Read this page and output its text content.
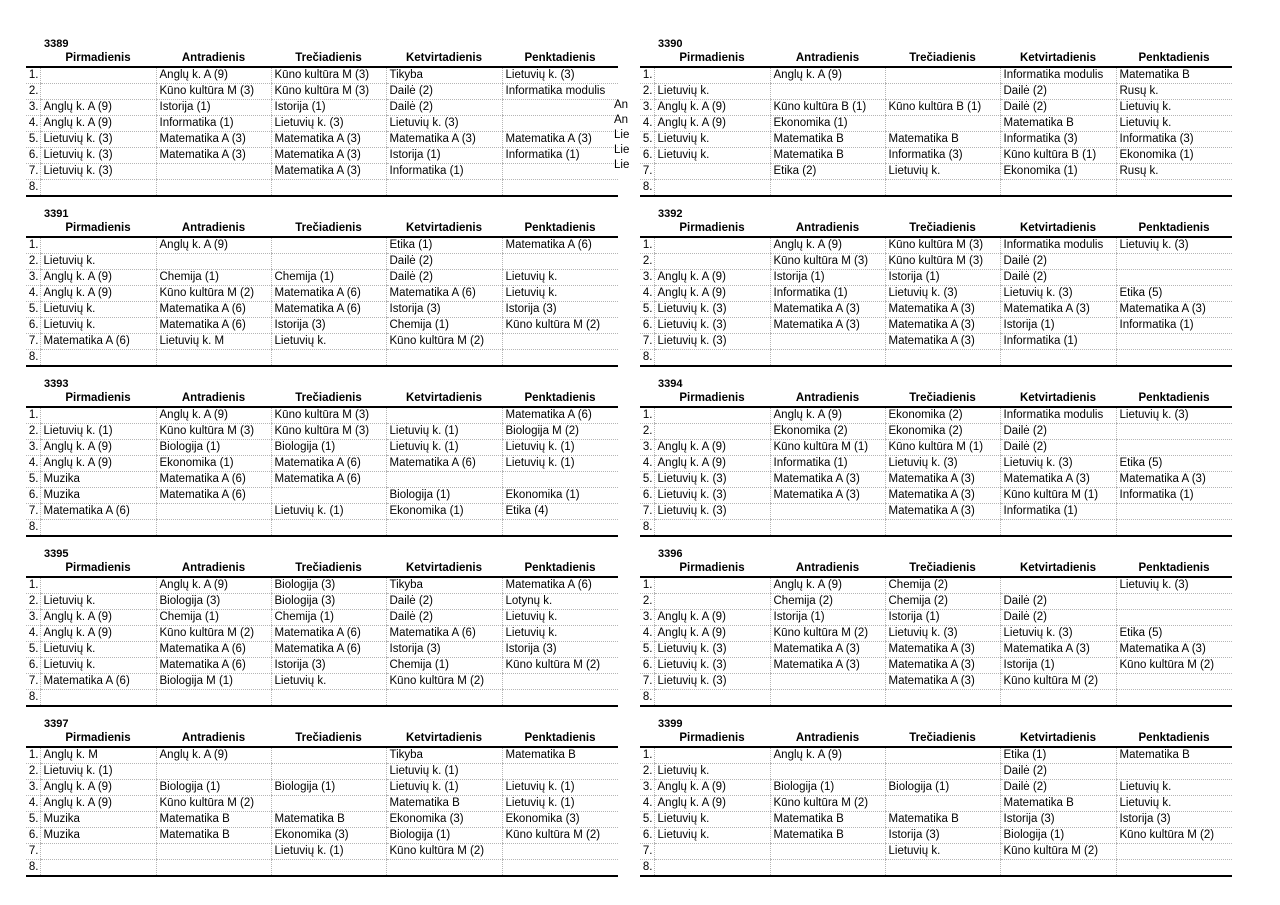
3389
	Pirmadienis	Antradienis	Trečiadienis	Ketvirtadienis	Penktadienis
1.		Anglų k. A (9)	Kūno kultūra M (3)	Tikyba	Lietuvių k. (3)
2.		Kūno kultūra M (3)	Kūno kultūra M (3)	Dailė (2)	Informatika modulis
3.	Anglų k. A (9)	Istorija (1)	Istorija (1)	Dailė (2)	
4.	Anglų k. A (9)	Informatika (1)	Lietuvių k. (3)	Lietuvių k. (3)	
5.	Lietuvių k. (3)	Matematika A (3)	Matematika A (3)	Matematika A (3)	Matematika A (3)
6.	Lietuvių k. (3)	Matematika A (3)	Matematika A (3)	Istorija (1)	Informatika (1)
7.	Lietuvių k. (3)		Matematika A (3)	Informatika (1)	
8.					
3390
	Pirmadienis	Antradienis	Trečiadienis	Ketvirtadienis	Penktadienis
1.		Anglų k. A (9)		Informatika modulis	Matematika B
2.	Lietuvių k.			Dailė (2)	Rusų k.
3.	Anglų k. A (9)	Kūno kultūra B (1)	Kūno kultūra B (1)	Dailė (2)	Lietuvių k.
4.	Anglų k. A (9)	Ekonomika (1)		Matematika B	Lietuvių k.
5.	Lietuvių k.	Matematika B	Matematika B	Informatika (3)	Informatika (3)
6.	Lietuvių k.	Matematika B	Informatika (3)	Kūno kultūra B (1)	Ekonomika (1)
7.		Etika (2)	Lietuvių k.	Ekonomika (1)	Rusų k.
8.					
3391
	Pirmadienis	Antradienis	Trečiadienis	Ketvirtadienis	Penktadienis
1.		Anglų k. A (9)		Etika (1)	Matematika A (6)
2.	Lietuvių k.			Dailė (2)	
3.	Anglų k. A (9)	Chemija (1)	Chemija (1)	Dailė (2)	Lietuvių k.
4.	Anglų k. A (9)	Kūno kultūra M (2)	Matematika A (6)	Matematika A (6)	Lietuvių k.
5.	Lietuvių k.	Matematika A (6)	Matematika A (6)	Istorija (3)	Istorija (3)
6.	Lietuvių k.	Matematika A (6)	Istorija (3)	Chemija (1)	Kūno kultūra M (2)
7.	Matematika A (6)	Lietuvių k. M	Lietuvių k.	Kūno kultūra M (2)	
8.					
3392
	Pirmadienis	Antradienis	Trečiadienis	Ketvirtadienis	Penktadienis
1.		Anglų k. A (9)	Kūno kultūra M (3)	Informatika modulis	Lietuvių k. (3)
2.		Kūno kultūra M (3)	Kūno kultūra M (3)	Dailė (2)	
3.	Anglų k. A (9)	Istorija (1)	Istorija (1)	Dailė (2)	
4.	Anglų k. A (9)	Informatika (1)	Lietuvių k. (3)	Lietuvių k. (3)	Etika (5)
5.	Lietuvių k. (3)	Matematika A (3)	Matematika A (3)	Matematika A (3)	Matematika A (3)
6.	Lietuvių k. (3)	Matematika A (3)	Matematika A (3)	Istorija (1)	Informatika (1)
7.	Lietuvių k. (3)		Matematika A (3)	Informatika (1)	
8.					
3393
	Pirmadienis	Antradienis	Trečiadienis	Ketvirtadienis	Penktadienis
1.		Anglų k. A (9)	Kūno kultūra M (3)		Matematika A (6)
2.	Lietuvių k. (1)	Kūno kultūra M (3)	Kūno kultūra M (3)	Lietuvių k. (1)	Biologija M (2)
3.	Anglų k. A (9)	Biologija (1)	Biologija (1)	Lietuvių k. (1)	Lietuvių k. (1)
4.	Anglų k. A (9)	Ekonomika (1)	Matematika A (6)	Matematika A (6)	Lietuvių k. (1)
5.	Muzika	Matematika A (6)	Matematika A (6)		
6.	Muzika	Matematika A (6)		Biologija (1)	Ekonomika (1)
7.	Matematika A (6)		Lietuvių k. (1)	Ekonomika (1)	Etika (4)
8.					
3394
	Pirmadienis	Antradienis	Trečiadienis	Ketvirtadienis	Penktadienis
1.		Anglų k. A (9)	Ekonomika (2)	Informatika modulis	Lietuvių k. (3)
2.		Ekonomika (2)	Ekonomika (2)	Dailė (2)	
3.	Anglų k. A (9)	Kūno kultūra M (1)	Kūno kultūra M (1)	Dailė (2)	
4.	Anglų k. A (9)	Informatika (1)	Lietuvių k. (3)	Lietuvių k. (3)	Etika (5)
5.	Lietuvių k. (3)	Matematika A (3)	Matematika A (3)	Matematika A (3)	Matematika A (3)
6.	Lietuvių k. (3)	Matematika A (3)	Matematika A (3)	Kūno kultūra M (1)	Informatika (1)
7.	Lietuvių k. (3)		Matematika A (3)	Informatika (1)	
8.					
3395
	Pirmadienis	Antradienis	Trečiadienis	Ketvirtadienis	Penktadienis
1.		Anglų k. A (9)	Biologija (3)	Tikyba	Matematika A (6)
2.	Lietuvių k.	Biologija (3)	Biologija (3)	Dailė (2)	Lotynų k.
3.	Anglų k. A (9)	Chemija (1)	Chemija (1)	Dailė (2)	Lietuvių k.
4.	Anglų k. A (9)	Kūno kultūra M (2)	Matematika A (6)	Matematika A (6)	Lietuvių k.
5.	Lietuvių k.	Matematika A (6)	Matematika A (6)	Istorija (3)	Istorija (3)
6.	Lietuvių k.	Matematika A (6)	Istorija (3)	Chemija (1)	Kūno kultūra M (2)
7.	Matematika A (6)	Biologija M (1)	Lietuvių k.	Kūno kultūra M (2)	
8.					
3396
	Pirmadienis	Antradienis	Trečiadienis	Ketvirtadienis	Penktadienis
1.		Anglų k. A (9)	Chemija (2)		Lietuvių k. (3)
2.		Chemija (2)	Chemija (2)	Dailė (2)	
3.	Anglų k. A (9)	Istorija (1)	Istorija (1)	Dailė (2)	
4.	Anglų k. A (9)	Kūno kultūra M (2)	Lietuvių k. (3)	Lietuvių k. (3)	Etika (5)
5.	Lietuvių k. (3)	Matematika A (3)	Matematika A (3)	Matematika A (3)	Matematika A (3)
6.	Lietuvių k. (3)	Matematika A (3)	Matematika A (3)	Istorija (1)	Kūno kultūra M (2)
7.	Lietuvių k. (3)		Matematika A (3)	Kūno kultūra M (2)	
8.					
3397
	Pirmadienis	Antradienis	Trečiadienis	Ketvirtadienis	Penktadienis
1.	Anglų k. M	Anglų k. A (9)		Tikyba	Matematika B
2.	Lietuvių k. (1)			Lietuvių k. (1)	
3.	Anglų k. A (9)	Biologija (1)	Biologija (1)	Lietuvių k. (1)	Lietuvių k. (1)
4.	Anglų k. A (9)	Kūno kultūra M (2)		Matematika B	Lietuvių k. (1)
5.	Muzika	Matematika B	Matematika B	Ekonomika (3)	Ekonomika (3)
6.	Muzika	Matematika B	Ekonomika (3)	Biologija (1)	Kūno kultūra M (2)
7.			Lietuvių k. (1)	Kūno kultūra M (2)	
8.					
3399
	Pirmadienis	Antradienis	Trečiadienis	Ketvirtadienis	Penktadienis
1.		Anglų k. A (9)		Etika (1)	Matematika B
2.	Lietuvių k.			Dailė (2)	
3.	Anglų k. A (9)	Biologija (1)	Biologija (1)	Dailė (2)	Lietuvių k.
4.	Anglų k. A (9)	Kūno kultūra M (2)		Matematika B	Lietuvių k.
5.	Lietuvių k.	Matematika B	Matematika B	Istorija (3)	Istorija (3)
6.	Lietuvių k.	Matematika B	Istorija (3)	Biologija (1)	Kūno kultūra M (2)
7.			Lietuvių k.	Kūno kultūra M (2)	
8.					
An
An
Lie
Lie
Lie
